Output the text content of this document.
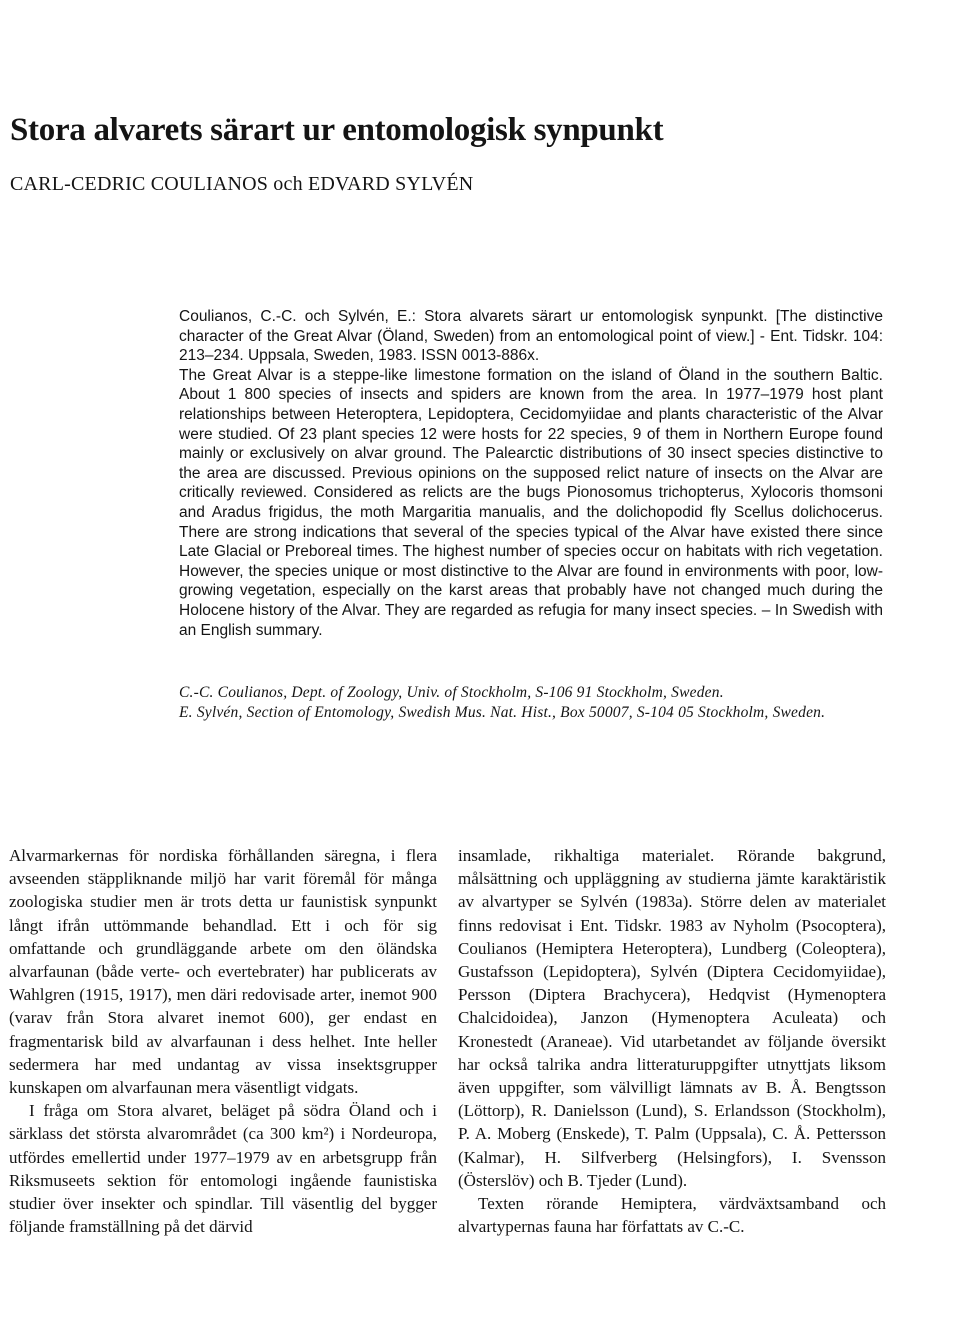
Stora alvarets särart ur entomologisk synpunkt
CARL-CEDRIC COULIANOS och EDVARD SYLVÉN

Coulianos, C.-C. och Sylvén, E.: Stora alvarets särart ur entomologisk synpunkt. [The distinctive character of the Great Alvar (Öland, Sweden) from an entomological point of view.] - Ent. Tidskr. 104: 213–234. Uppsala, Sweden, 1983. ISSN 0013-886x.

The Great Alvar is a steppe-like limestone formation on the island of Öland in the southern Baltic. About 1 800 species of insects and spiders are known from the area. In 1977–1979 host plant relationships between Heteroptera, Lepidoptera, Cecidomyiidae and plants characteristic of the Alvar were studied. Of 23 plant species 12 were hosts for 22 species, 9 of them in Northern Europe found mainly or exclusively on alvar ground. The Palearctic distributions of 30 insect species distinctive to the area are discussed. Previous opinions on the supposed relict nature of insects on the Alvar are critically reviewed. Considered as relicts are the bugs Pionosomus trichopterus, Xylocoris thomsoni and Aradus frigidus, the moth Margaritia manualis, and the dolichopodid fly Scellus dolichocerus. There are strong indications that several of the species typical of the Alvar have existed there since Late Glacial or Preboreal times. The highest number of species occur on habitats with rich vegetation. However, the species unique or most distinctive to the Alvar are found in environments with poor, low-growing vegetation, especially on the karst areas that probably have not changed much during the Holocene history of the Alvar. They are regarded as refugia for many insect species. – In Swedish with an English summary.

C.-C. Coulianos, Dept. of Zoology, Univ. of Stockholm, S-106 91 Stockholm, Sweden.

E. Sylvén, Section of Entomology, Swedish Mus. Nat. Hist., Box 50007, S-104 05 Stockholm, Sweden.

Alvarmarkernas för nordiska förhållanden säregna, i flera avseenden stäppliknande miljö har varit föremål för många zoologiska studier men är trots detta ur faunistisk synpunkt långt ifrån uttömmande behandlad. Ett i och för sig omfattande och grundläggande arbete om den öländska alvarfaunan (både verte- och evertebrater) har publicerats av Wahlgren (1915, 1917), men däri redovisade arter, inemot 900 (varav från Stora alvaret inemot 600), ger endast en fragmentarisk bild av alvarfaunan i dess helhet. Inte heller sedermera har med undantag av vissa insektsgrupper kunskapen om alvarfaunan mera väsentligt vidgats.

I fråga om Stora alvaret, beläget på södra Öland och i särklass det största alvarområdet (ca 300 km²) i Nordeuropa, utfördes emellertid under 1977–1979 av en arbetsgrupp från Riksmuseets sektion för entomologi ingående faunistiska studier över insekter och spindlar. Till väsentlig del bygger följande framställning på det därvid

insamlade, rikhaltiga materialet. Rörande bakgrund, målsättning och uppläggning av studierna jämte karaktäristik av alvartyper se Sylvén (1983a). Större delen av materialet finns redovisat i Ent. Tidskr. 1983 av Nyholm (Psocoptera), Coulianos (Hemiptera Heteroptera), Lundberg (Coleoptera), Gustafsson (Lepidoptera), Sylvén (Diptera Cecidomyiidae), Persson (Diptera Brachycera), Hedqvist (Hymenoptera Chalcidoidea), Janzon (Hymenoptera Aculeata) och Kronestedt (Araneae). Vid utarbetandet av följande översikt har också talrika andra litteraturuppgifter utnyttjats liksom även uppgifter, som välvilligt lämnats av B. Å. Bengtsson (Löttorp), R. Danielsson (Lund), S. Erlandsson (Stockholm), P. A. Moberg (Enskede), T. Palm (Uppsala), C. Å. Pettersson (Kalmar), H. Silfverberg (Helsingfors), I. Svensson (Österslöv) och B. Tjeder (Lund).

Texten rörande Hemiptera, värdväxtsamband och alvartypernas fauna har författats av C.-C.
